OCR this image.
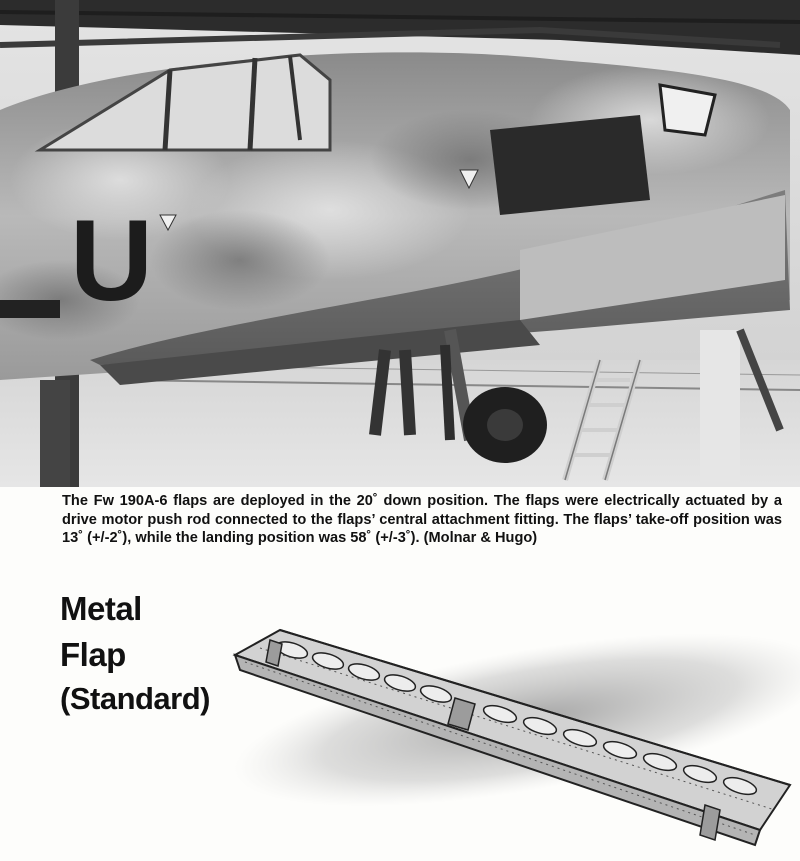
U

The Fw 190A-6 flaps are deployed in the 20˚ down position. The flaps were electrically actuated by a drive motor push rod connected to the flaps’ central attachment fitting. The flaps’ take-off position was 13˚ (+/-2˚), while the landing position was 58˚ (+/-3˚). (Molnar & Hugo)

Metal
Flap
(Standard)
